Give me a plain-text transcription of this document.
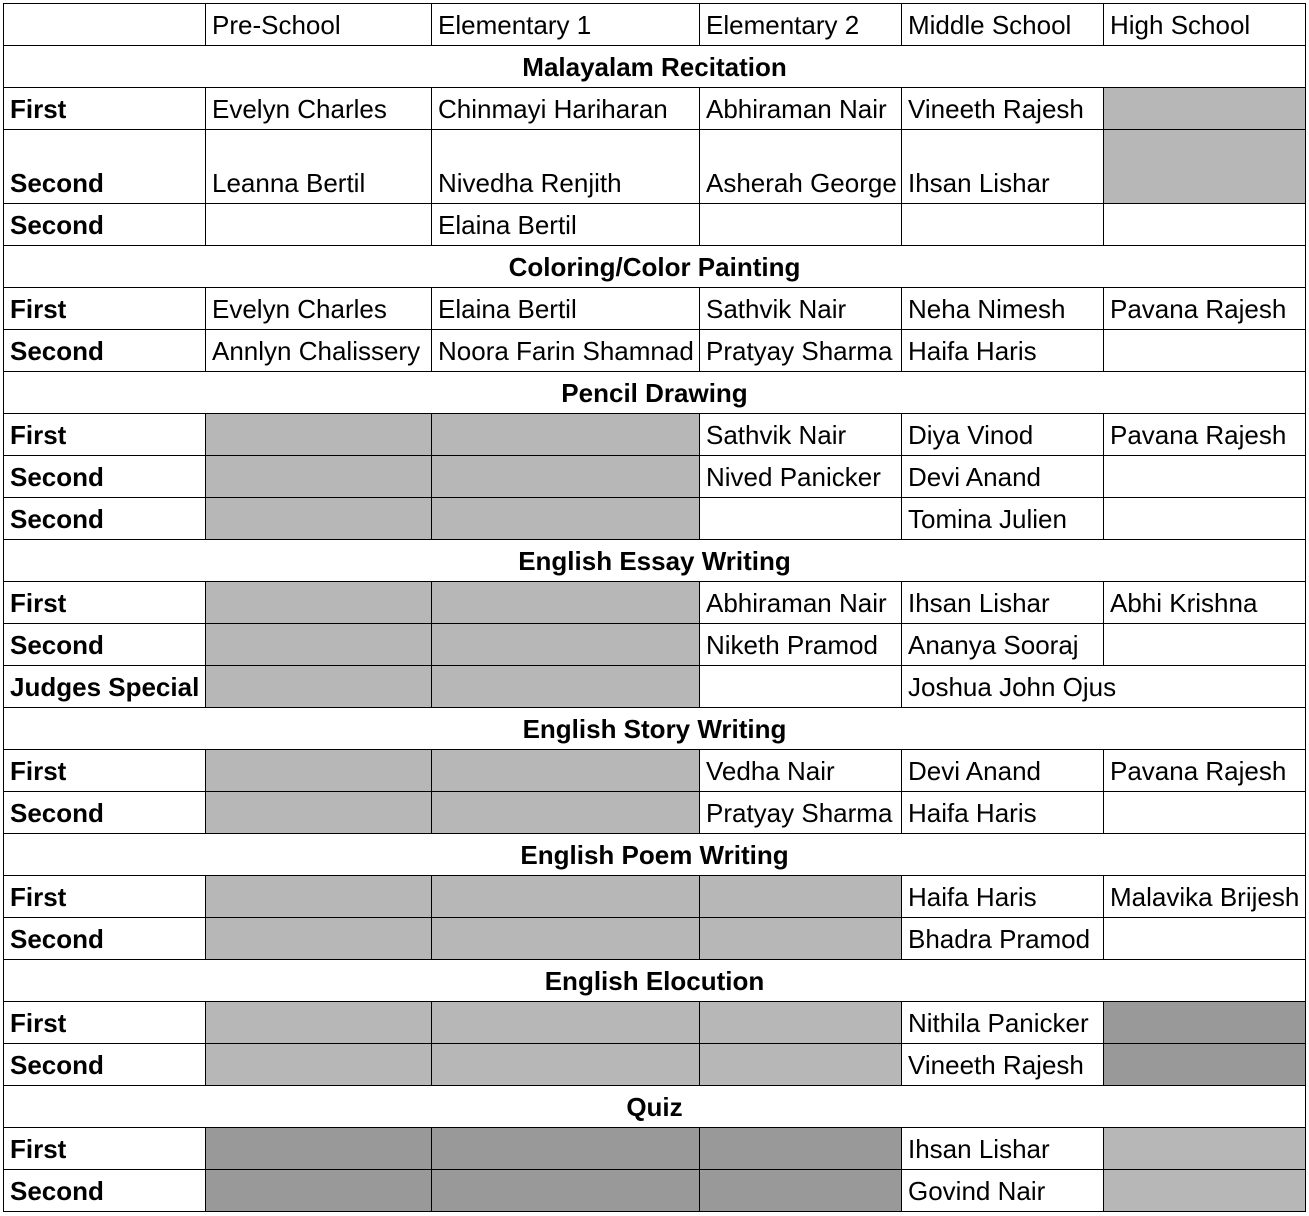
	Pre-School	Elementary 1	Elementary 2	Middle School	High School
Malayalam Recitation					
First	Evelyn Charles	Chinmayi Hariharan	Abhiraman Nair	Vineeth Rajesh	
Second	Leanna Bertil	Nivedha Renjith	Asherah George	Ihsan Lishar	
Second		Elaina Bertil			
Coloring/Color Painting					
First	Evelyn Charles	Elaina Bertil	Sathvik Nair	Neha Nimesh	Pavana Rajesh
Second	Annlyn Chalissery	Noora Farin Shamnad	Pratyay Sharma	Haifa Haris	
Pencil Drawing					
First			Sathvik Nair	Diya Vinod	Pavana Rajesh
Second			Nived Panicker	Devi Anand	
Second				Tomina Julien	
English Essay Writing					
First			Abhiraman Nair	Ihsan Lishar	Abhi Krishna
Second			Niketh Pramod	Ananya Sooraj	
Judges Special				Joshua John Ojus	
English Story Writing					
First			Vedha Nair	Devi Anand	Pavana Rajesh
Second			Pratyay Sharma	Haifa Haris	
English Poem Writing					
First				Haifa Haris	Malavika Brijesh
Second				Bhadra Pramod	
English Elocution					
First				Nithila Panicker	
Second				Vineeth Rajesh	
Quiz					
First				Ihsan Lishar	
Second				Govind Nair	
